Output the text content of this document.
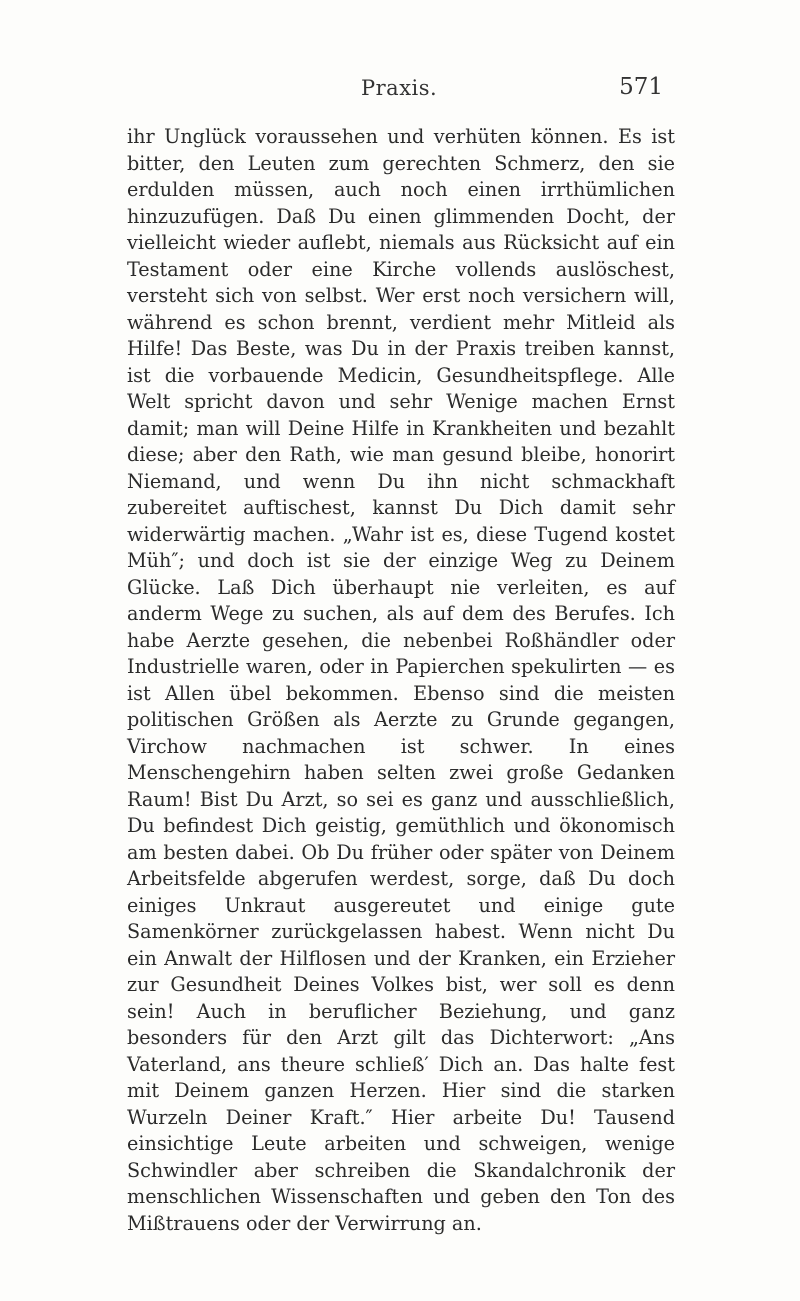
Praxis.	571

ihr Unglück voraussehen und verhüten können. Es ist bitter, den Leuten zum gerechten Schmerz, den sie erdulden müssen, auch noch einen irrthümlichen hinzuzufügen. Daß Du einen glimmenden Docht, der vielleicht wieder auflebt, niemals aus Rücksicht auf ein Testament oder eine Kirche vollends auslöschest, versteht sich von selbst. Wer erst noch versichern will, während es schon brennt, verdient mehr Mitleid als Hilfe! Das Beste, was Du in der Praxis treiben kannst, ist die vorbauende Medicin, Gesundheitspflege. Alle Welt spricht davon und sehr Wenige machen Ernst damit; man will Deine Hilfe in Krankheiten und bezahlt diese; aber den Rath, wie man gesund bleibe, honorirt Niemand, und wenn Du ihn nicht schmackhaft zubereitet auftischest, kannst Du Dich damit sehr widerwärtig machen. „Wahr ist es, diese Tugend kostet Müh″; und doch ist sie der einzige Weg zu Deinem Glücke. Laß Dich überhaupt nie verleiten, es auf anderm Wege zu suchen, als auf dem des Berufes. Ich habe Aerzte gesehen, die nebenbei Roßhändler oder Industrielle waren, oder in Papierchen spekulirten — es ist Allen übel bekommen. Ebenso sind die meisten politischen Größen als Aerzte zu Grunde gegangen, Virchow nachmachen ist schwer. In eines Menschengehirn haben selten zwei große Gedanken Raum! Bist Du Arzt, so sei es ganz und ausschließlich, Du befindest Dich geistig, gemüthlich und ökonomisch am besten dabei. Ob Du früher oder später von Deinem Arbeitsfelde abgerufen werdest, sorge, daß Du doch einiges Unkraut ausgereutet und einige gute Samenkörner zurückgelassen habest. Wenn nicht Du ein Anwalt der Hilflosen und der Kranken, ein Erzieher zur Gesundheit Deines Volkes bist, wer soll es denn sein! Auch in beruflicher Beziehung, und ganz besonders für den Arzt gilt das Dichterwort: „Ans Vaterland, ans theure schließ′ Dich an. Das halte fest mit Deinem ganzen Herzen. Hier sind die starken Wurzeln Deiner Kraft.″ Hier arbeite Du! Tausend einsichtige Leute arbeiten und schweigen, wenige Schwindler aber schreiben die Skandalchronik der menschlichen Wissenschaften und geben den Ton des Mißtrauens oder der Verwirrung an.
